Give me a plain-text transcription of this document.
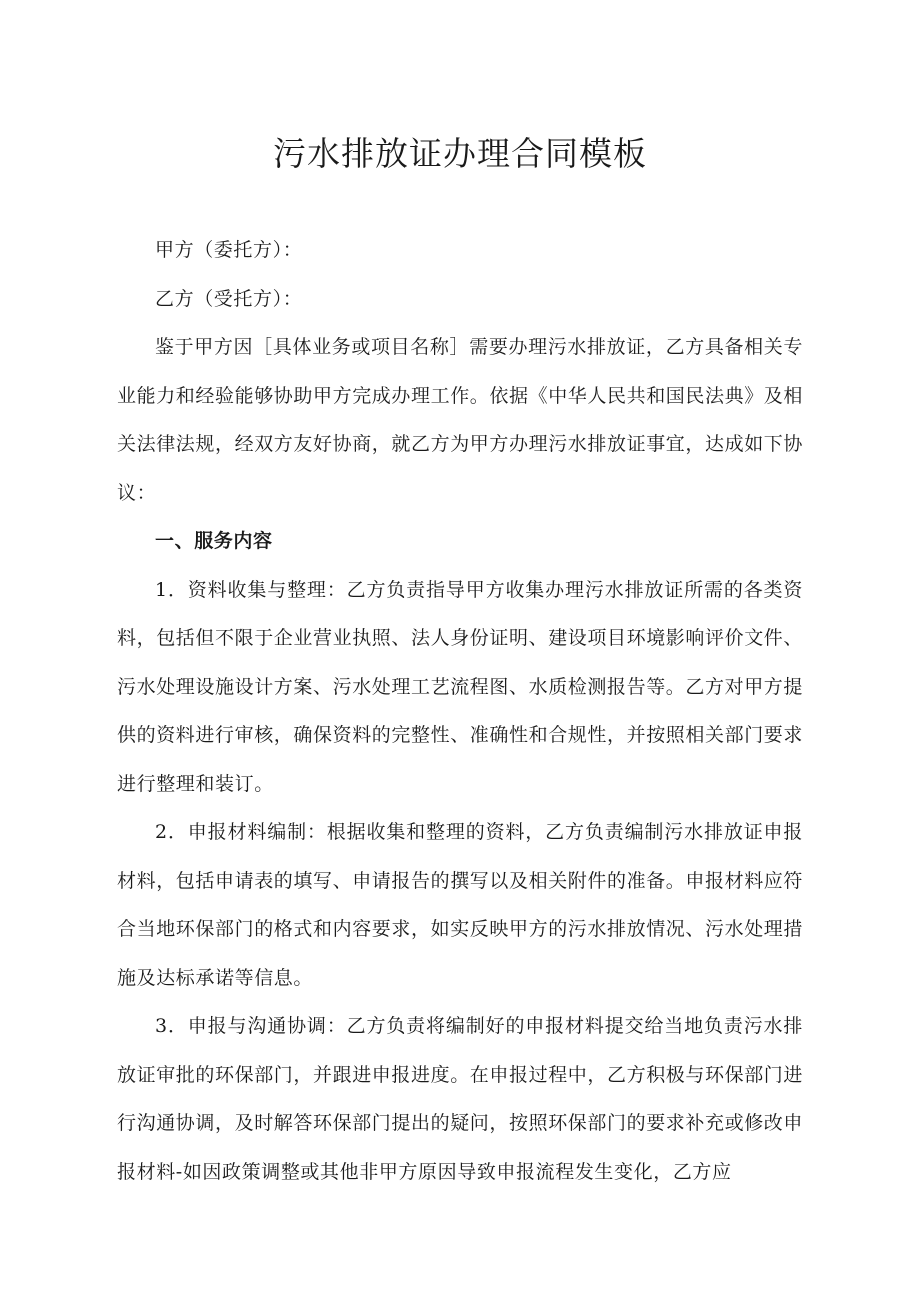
污水排放证办理合同模板

甲方（委托方）：

乙方（受托方）：

鉴于甲方因［具体业务或项目名称］需要办理污水排放证，乙方具备相关专业能力和经验能够协助甲方完成办理工作。依据《中华人民共和国民法典》及相关法律法规，经双方友好协商，就乙方为甲方办理污水排放证事宜，达成如下协议：

一、服务内容

1．资料收集与整理：乙方负责指导甲方收集办理污水排放证所需的各类资料，包括但不限于企业营业执照、法人身份证明、建设项目环境影响评价文件、污水处理设施设计方案、污水处理工艺流程图、水质检测报告等。乙方对甲方提供的资料进行审核，确保资料的完整性、准确性和合规性，并按照相关部门要求进行整理和装订。

2．申报材料编制：根据收集和整理的资料，乙方负责编制污水排放证申报材料，包括申请表的填写、申请报告的撰写以及相关附件的准备。申报材料应符合当地环保部门的格式和内容要求，如实反映甲方的污水排放情况、污水处理措施及达标承诺等信息。

3．申报与沟通协调：乙方负责将编制好的申报材料提交给当地负责污水排放证审批的环保部门，并跟进申报进度。在申报过程中，乙方积极与环保部门进行沟通协调，及时解答环保部门提出的疑问，按照环保部门的要求补充或修改申报材料-如因政策调整或其他非甲方原因导致申报流程发生变化，乙方应
